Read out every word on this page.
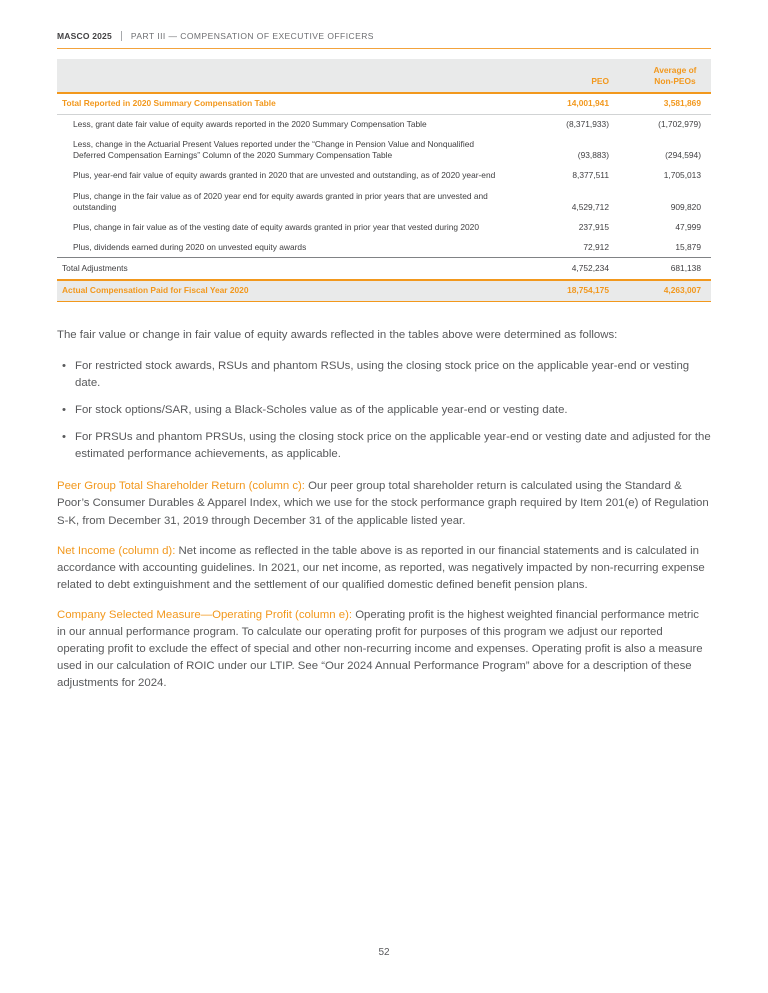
MASCO 2025 PART III — COMPENSATION OF EXECUTIVE OFFICERS
	PEO	Average of Non-PEOs
Total Reported in 2020 Summary Compensation Table	14,001,941	3,581,869
Less, grant date fair value of equity awards reported in the 2020 Summary Compensation Table	(8,371,933)	(1,702,979)
Less, change in the Actuarial Present Values reported under the “Change in Pension Value and Nonqualified Deferred Compensation Earnings” Column of the 2020 Summary Compensation Table	(93,883)	(294,594)
Plus, year-end fair value of equity awards granted in 2020 that are unvested and outstanding, as of 2020 year-end	8,377,511	1,705,013
Plus, change in the fair value as of 2020 year end for equity awards granted in prior years that are unvested and outstanding	4,529,712	909,820
Plus, change in fair value as of the vesting date of equity awards granted in prior year that vested during 2020	237,915	47,999
Plus, dividends earned during 2020 on unvested equity awards	72,912	15,879
Total Adjustments	4,752,234	681,138
Actual Compensation Paid for Fiscal Year 2020	18,754,175	4,263,007

The fair value or change in fair value of equity awards reflected in the tables above were determined as follows:

• For restricted stock awards, RSUs and phantom RSUs, using the closing stock price on the applicable year-end or vesting date.
• For stock options/SAR, using a Black-Scholes value as of the applicable year-end or vesting date.
• For PRSUs and phantom PRSUs, using the closing stock price on the applicable year-end or vesting date and adjusted for the estimated performance achievements, as applicable.

Peer Group Total Shareholder Return (column c): Our peer group total shareholder return is calculated using the Standard & Poor’s Consumer Durables & Apparel Index, which we use for the stock performance graph required by Item 201(e) of Regulation S-K, from December 31, 2019 through December 31 of the applicable listed year.

Net Income (column d): Net income as reflected in the table above is as reported in our financial statements and is calculated in accordance with accounting guidelines. In 2021, our net income, as reported, was negatively impacted by non-recurring expense related to debt extinguishment and the settlement of our qualified domestic defined benefit pension plans.

Company Selected Measure—Operating Profit (column e): Operating profit is the highest weighted financial performance metric in our annual performance program. To calculate our operating profit for purposes of this program we adjust our reported operating profit to exclude the effect of special and other non-recurring income and expenses. Operating profit is also a measure used in our calculation of ROIC under our LTIP. See “Our 2024 Annual Performance Program” above for a description of these adjustments for 2024.

52
